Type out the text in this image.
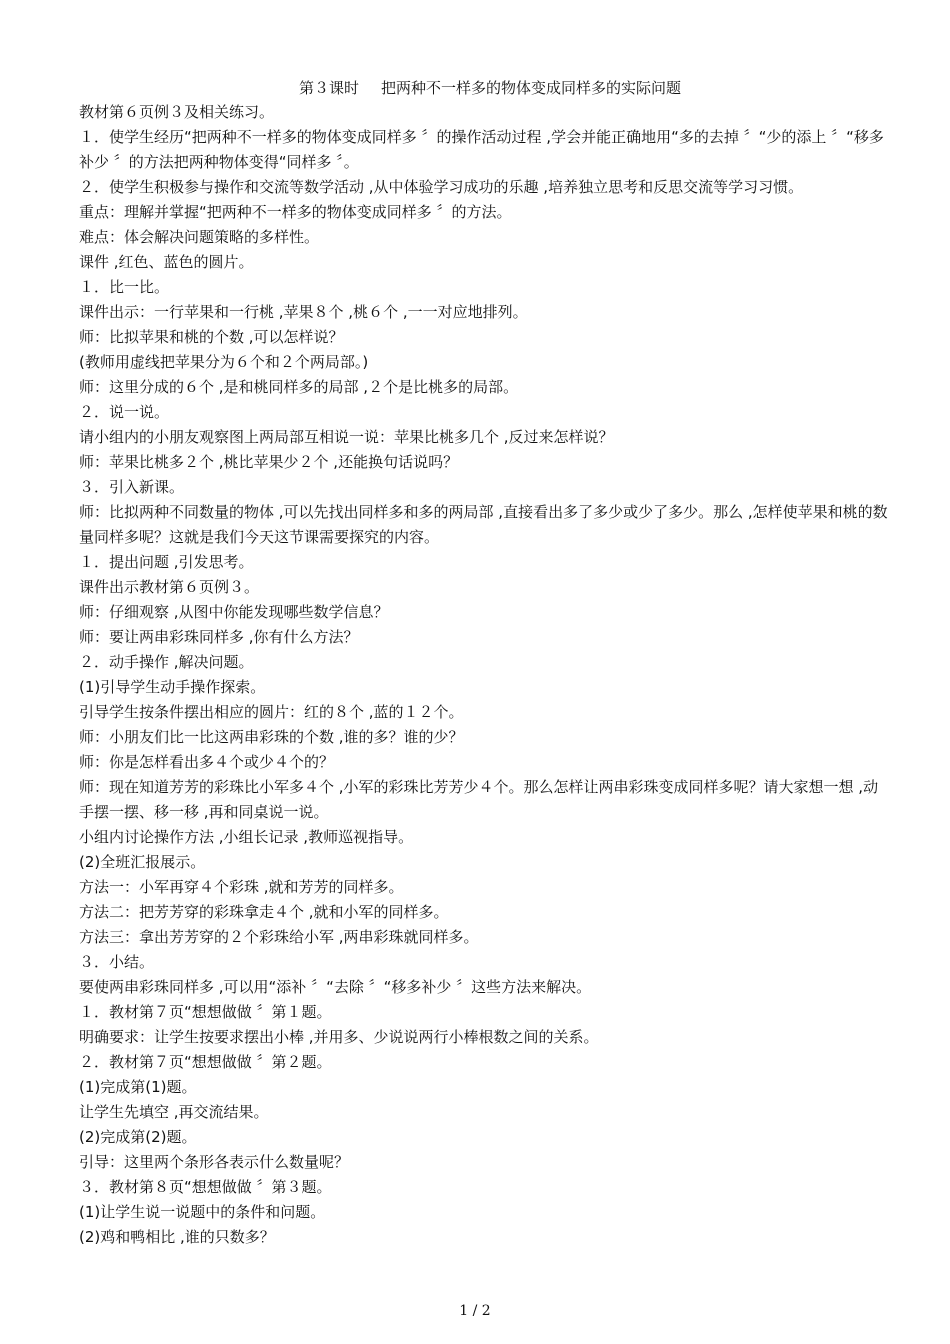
第３课时 把两种不一样多的物体变成同样多的实际问题

教材第６页例３及相关练习。

１．使学生经历“把两种不一样多的物体变成同样多 〞的操作活动过程 ,学会并能正确地用“多的去掉 〞“少的添上 〞“移多补少 〞的方法把两种物体变得“同样多 〞。

２．使学生积极参与操作和交流等数学活动 ,从中体验学习成功的乐趣 ,培养独立思考和反思交流等学习习惯。

重点：理解并掌握“把两种不一样多的物体变成同样多 〞的方法。

难点：体会解决问题策略的多样性。

课件 ,红色、蓝色的圆片。

１．比一比。

课件出示：一行苹果和一行桃 ,苹果８个 ,桃６个 ,一一对应地排列。

师：比拟苹果和桃的个数 ,可以怎样说？

(教师用虚线把苹果分为６个和２个两局部。)

师：这里分成的６个 ,是和桃同样多的局部 ,２个是比桃多的局部。

２．说一说。

请小组内的小朋友观察图上两局部互相说一说：苹果比桃多几个 ,反过来怎样说？

师：苹果比桃多２个 ,桃比苹果少２个 ,还能换句话说吗？

３．引入新课。

师：比拟两种不同数量的物体 ,可以先找出同样多和多的两局部 ,直接看出多了多少或少了多少。那么 ,怎样使苹果和桃的数量同样多呢？这就是我们今天这节课需要探究的内容。

１．提出问题 ,引发思考。

课件出示教材第６页例３。

师：仔细观察 ,从图中你能发现哪些数学信息？

师：要让两串彩珠同样多 ,你有什么方法？

２．动手操作 ,解决问题。

(1)引导学生动手操作探索。

引导学生按条件摆出相应的圆片：红的８个 ,蓝的１２个。

师：小朋友们比一比这两串彩珠的个数 ,谁的多？谁的少？

师：你是怎样看出多４个或少４个的？

师：现在知道芳芳的彩珠比小军多４个 ,小军的彩珠比芳芳少４个。那么怎样让两串彩珠变成同样多呢？请大家想一想 ,动手摆一摆、移一移 ,再和同桌说一说。

小组内讨论操作方法 ,小组长记录 ,教师巡视指导。

(2)全班汇报展示。

方法一：小军再穿４个彩珠 ,就和芳芳的同样多。

方法二：把芳芳穿的彩珠拿走４个 ,就和小军的同样多。

方法三：拿出芳芳穿的２个彩珠给小军 ,两串彩珠就同样多。

３．小结。

要使两串彩珠同样多 ,可以用“添补 〞“去除 〞“移多补少 〞这些方法来解决。

１．教材第７页“想想做做 〞第１题。

明确要求：让学生按要求摆出小棒 ,并用多、少说说两行小棒根数之间的关系。

２．教材第７页“想想做做 〞第２题。

(1)完成第(1)题。

让学生先填空 ,再交流结果。

(2)完成第(2)题。

引导：这里两个条形各表示什么数量呢？

３．教材第８页“想想做做 〞第３题。

(1)让学生说一说题中的条件和问题。

(2)鸡和鸭相比 ,谁的只数多？

1 / 2
